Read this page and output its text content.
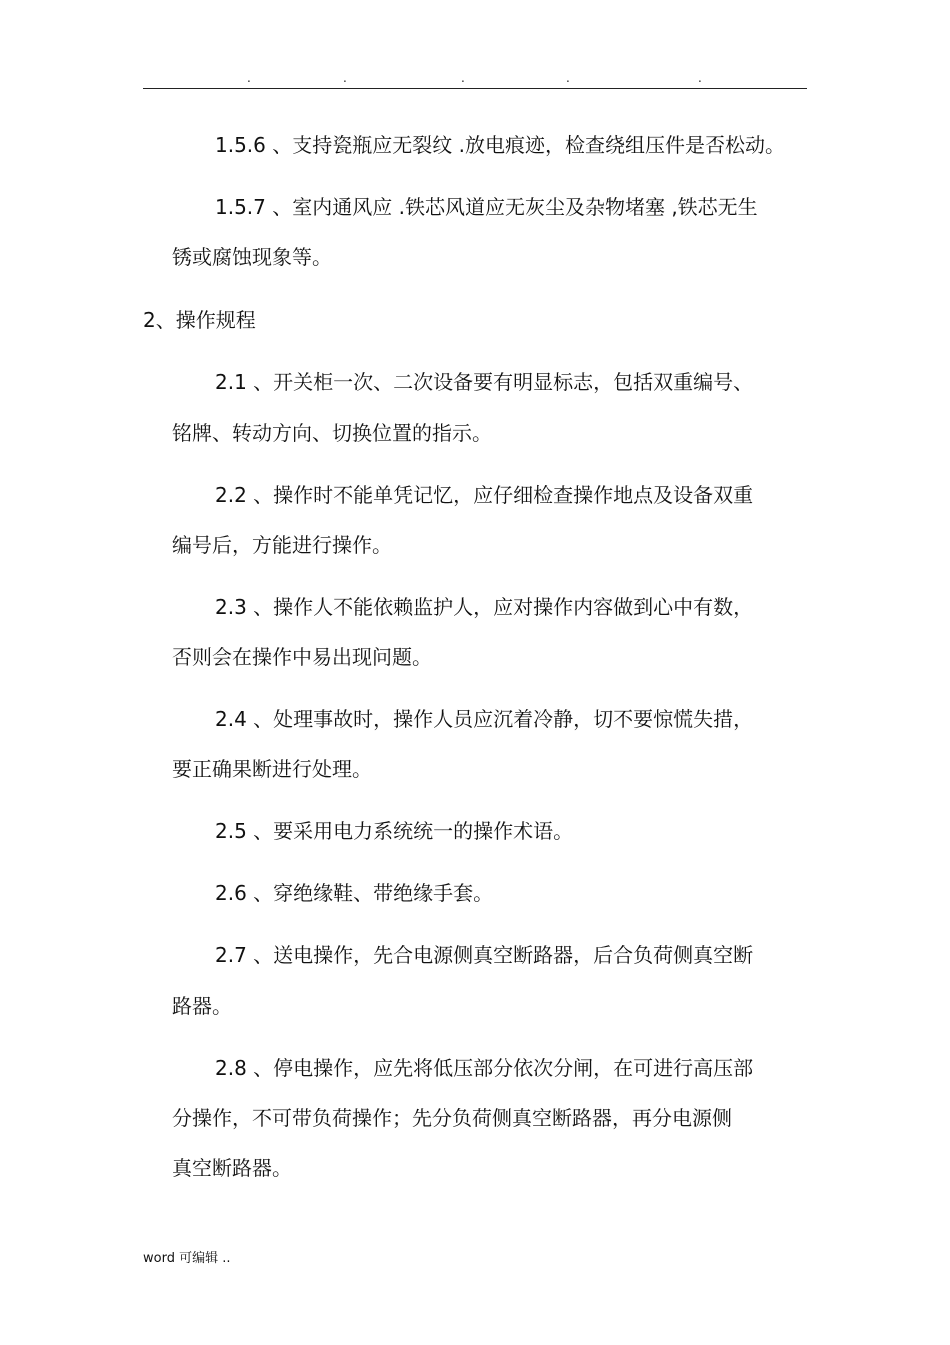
.	.	.	.	.
1.5.6 、支持瓷瓶应无裂纹 .放电痕迹，检查绕组压件是否松动。
1.5.7 、室内通风应 .铁芯风道应无灰尘及杂物堵塞 ,铁芯无生
锈或腐蚀现象等。
2、操作规程
2.1 、开关柜一次、二次设备要有明显标志，包括双重编号、
铭牌、转动方向、切换位置的指示。
2.2 、操作时不能单凭记忆，应仔细检查操作地点及设备双重
编号后，方能进行操作。
2.3 、操作人不能依赖监护人，应对操作内容做到心中有数，
否则会在操作中易出现问题。
2.4 、处理事故时，操作人员应沉着冷静，切不要惊慌失措，
要正确果断进行处理。
2.5 、要采用电力系统统一的操作术语。
2.6 、穿绝缘鞋、带绝缘手套。
2.7 、送电操作，先合电源侧真空断路器，后合负荷侧真空断
路器。
2.8 、停电操作，应先将低压部分依次分闸，在可进行高压部
分操作，不可带负荷操作；先分负荷侧真空断路器，再分电源侧
真空断路器。
word 可编辑 ..
